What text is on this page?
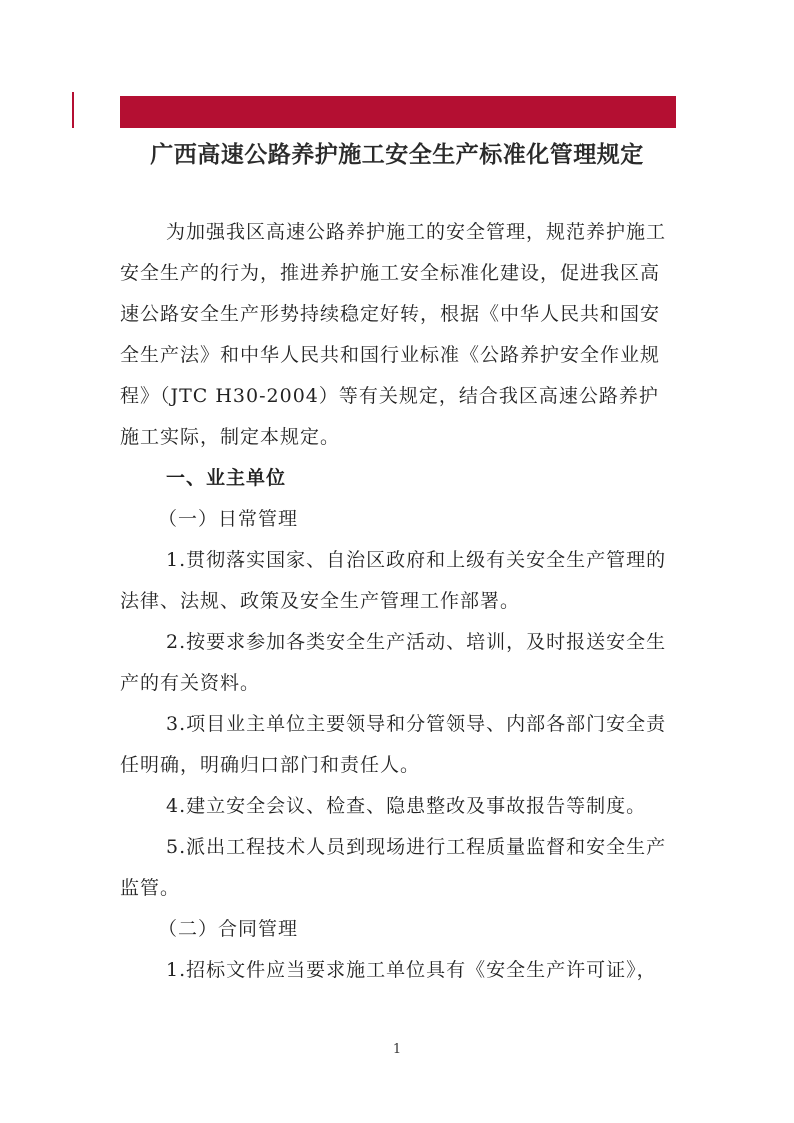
广西高速公路养护施工安全生产标准化管理规定

为加强我区高速公路养护施工的安全管理，规范养护施工安全生产的行为，推进养护施工安全标准化建设，促进我区高速公路安全生产形势持续稳定好转，根据《中华人民共和国安全生产法》和中华人民共和国行业标准《公路养护安全作业规程》（JTC H30-2004）等有关规定，结合我区高速公路养护施工实际，制定本规定。

一、业主单位

（一）日常管理

1.贯彻落实国家、自治区政府和上级有关安全生产管理的法律、法规、政策及安全生产管理工作部署。

2.按要求参加各类安全生产活动、培训，及时报送安全生产的有关资料。

3.项目业主单位主要领导和分管领导、内部各部门安全责任明确，明确归口部门和责任人。

4.建立安全会议、检查、隐患整改及事故报告等制度。

5.派出工程技术人员到现场进行工程质量监督和安全生产监管。

（二）合同管理

1.招标文件应当要求施工单位具有《安全生产许可证》，

1
